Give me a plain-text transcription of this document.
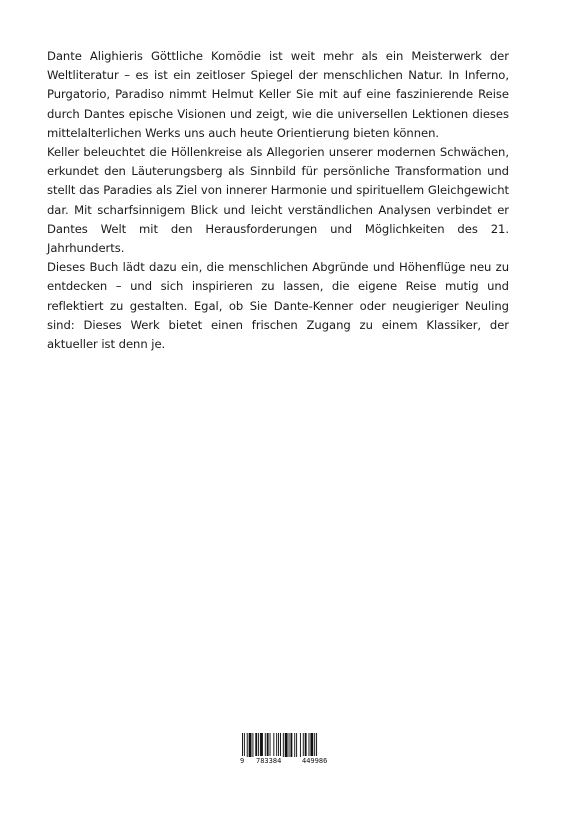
Dante Alighieris Göttliche Komödie ist weit mehr als ein Meisterwerk der Weltliteratur – es ist ein zeitloser Spiegel der menschlichen Natur. In Inferno, Purgatorio, Paradiso nimmt Helmut Keller Sie mit auf eine faszinierende Reise durch Dantes epische Visionen und zeigt, wie die universellen Lektionen dieses mittelalterlichen Werks uns auch heute Orientierung bieten können.

Keller beleuchtet die Höllenkreise als Allegorien unserer modernen Schwächen, erkundet den Läuterungsberg als Sinnbild für persönliche Transformation und stellt das Paradies als Ziel von innerer Harmonie und spirituellem Gleichgewicht dar. Mit scharfsinnigem Blick und leicht verständlichen Analysen verbindet er Dantes Welt mit den Herausforderungen und Möglichkeiten des 21. Jahrhunderts.

Dieses Buch lädt dazu ein, die menschlichen Abgründe und Höhenflüge neu zu entdecken – und sich inspirieren zu lassen, die eigene Reise mutig und reflektiert zu gestalten. Egal, ob Sie Dante-Kenner oder neugieriger Neuling sind: Dieses Werk bietet einen frischen Zugang zu einem Klassiker, der aktueller ist denn je.

9 783384	449986
